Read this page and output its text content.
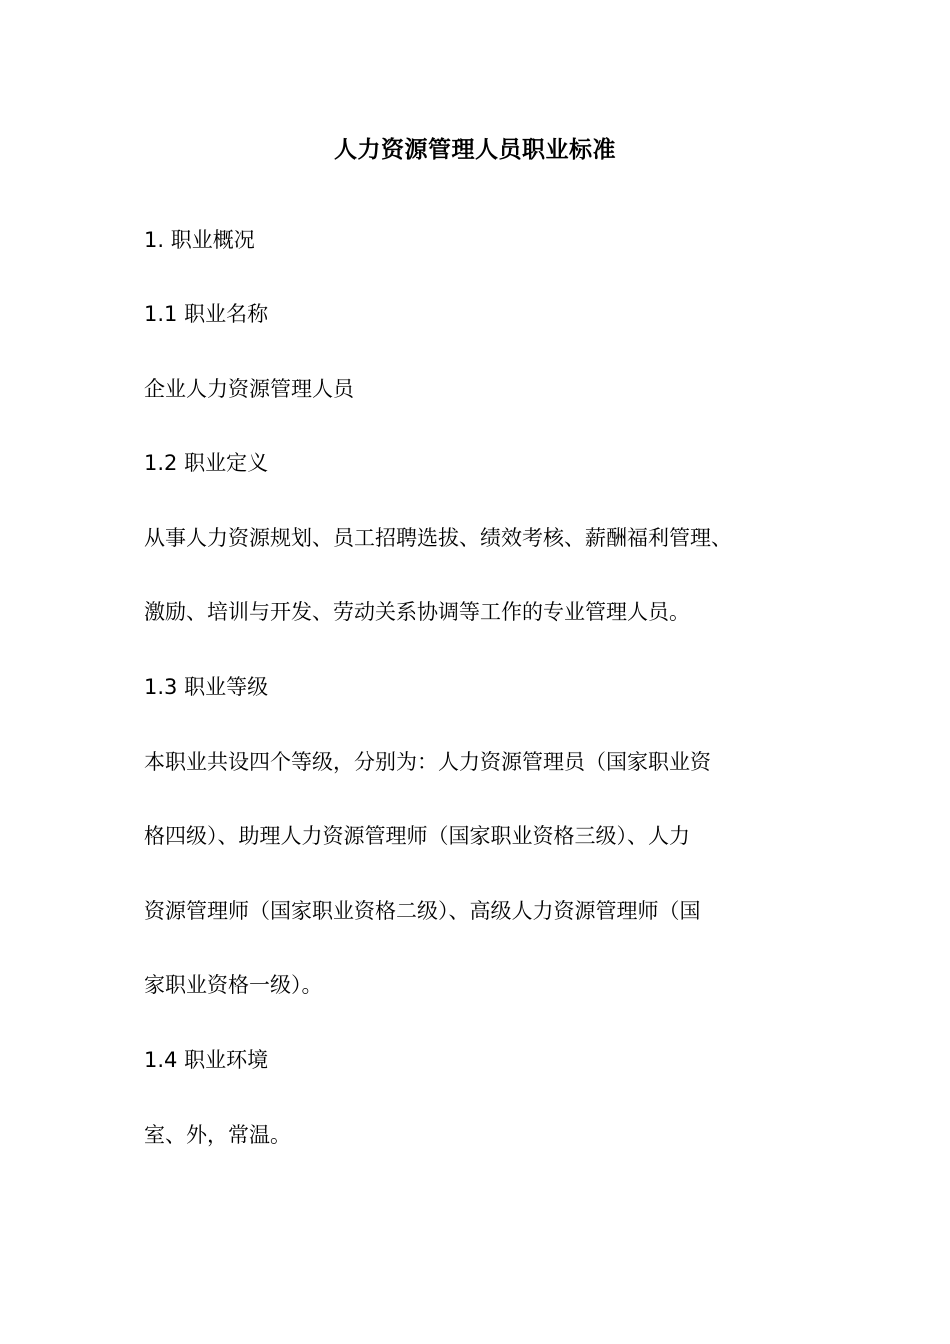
人力资源管理人员职业标准
1. 职业概况
1.1 职业名称
企业人力资源管理人员
1.2 职业定义
从事人力资源规划、员工招聘选拔、绩效考核、薪酬福利管理、
激励、培训与开发、劳动关系协调等工作的专业管理人员。
1.3 职业等级
本职业共设四个等级，分别为：人力资源管理员（国家职业资
格四级）、助理人力资源管理师（国家职业资格三级）、人力
资源管理师（国家职业资格二级）、高级人力资源管理师（国
家职业资格一级）。
1.4 职业环境
室、外，常温。
